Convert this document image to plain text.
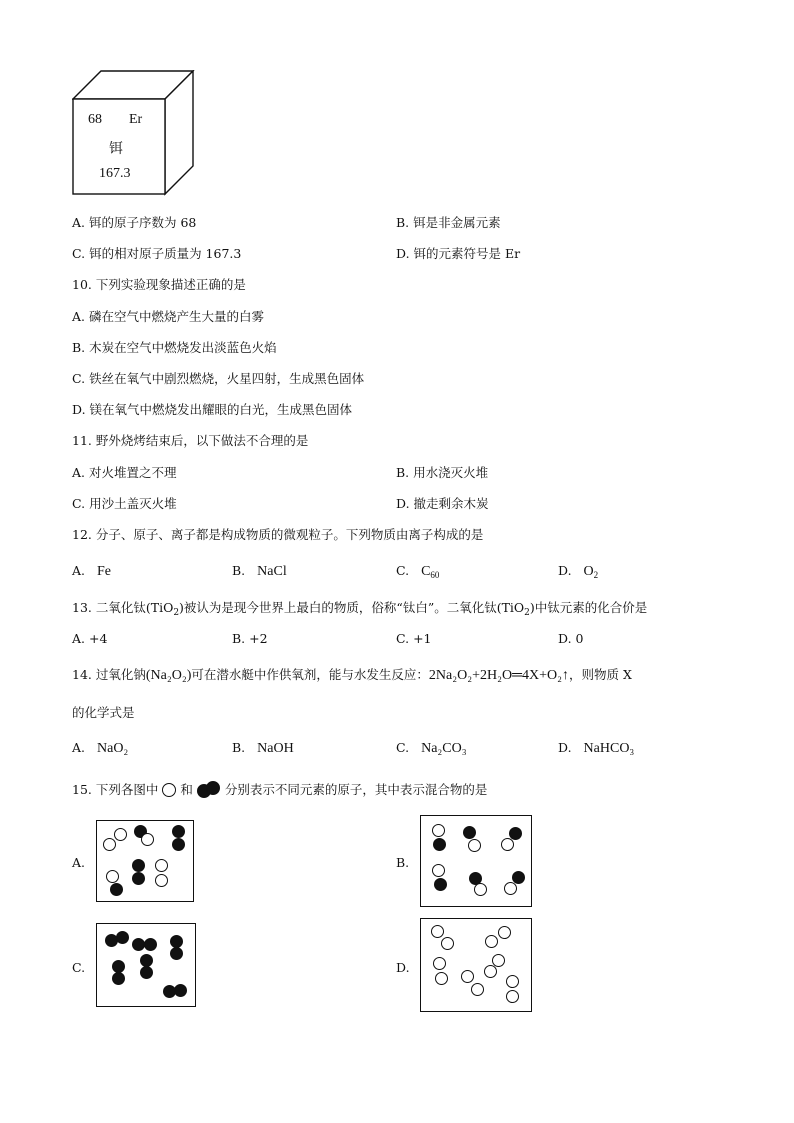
68 Er
铒
167.3
A. 铒的原子序数为 68	B. 铒是非金属元素
C. 铒的相对原子质量为 167.3	D. 铒的元素符号是 Er
10. 下列实验现象描述正确的是
A. 磷在空气中燃烧产生大量的白雾
B. 木炭在空气中燃烧发出淡蓝色火焰
C. 铁丝在氧气中剧烈燃烧，火星四射，生成黑色固体
D. 镁在氧气中燃烧发出耀眼的白光，生成黑色固体
11. 野外烧烤结束后，以下做法不合理的是
A. 对火堆置之不理	B. 用水浇灭火堆
C. 用沙土盖灭火堆	D. 撤走剩余木炭
12. 分子、原子、离子都是构成物质的微观粒子。下列物质由离子构成的是
A. Fe	B. NaCl	C. $C_{60}$	D. $O_2$
13. 二氧化钛(TiO$_2$)被认为是现今世界上最白的物质，俗称“钛白”。二氧化钛(TiO$_2$)中钛元素的化合价是
A. +4	B. +2	C. +1	D. 0
14. 过氧化钠(Na₂O₂)可在潜水艇中作供氧剂，能与水发生反应：2Na₂O₂+2H₂O═4X+O₂↑，则物质 X
的化学式是
A. NaO₂	B. NaOH	C. Na₂CO₃	D. NaHCO₃
15. 下列各图中 和	分别表示不同元素的原子，其中表示混合物的是
A.	B.
C.	D.
